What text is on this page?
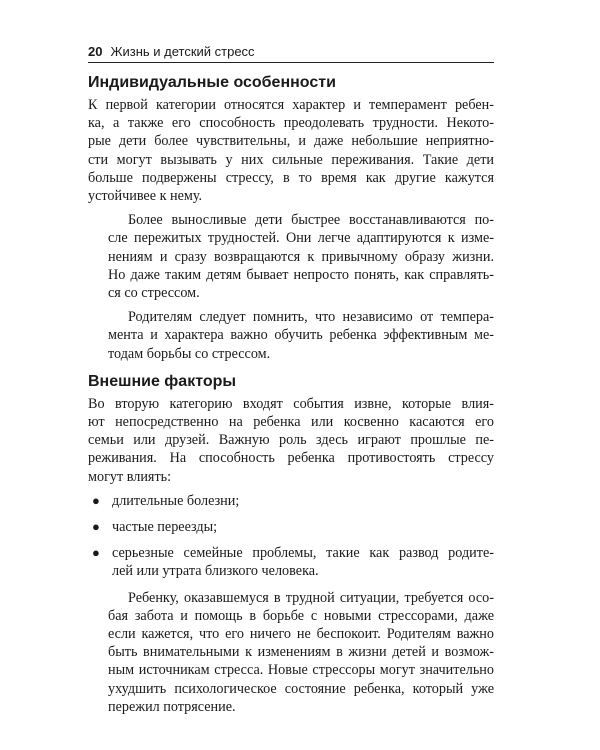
20 Жизнь и детский стресс
Индивидуальные особенности
К первой категории относятся характер и темперамент ребен-
ка, а также его способность преодолевать трудности. Некото-
рые дети более чувствительны, и даже небольшие неприятно-
сти могут вызывать у них сильные переживания. Такие дети
больше подвержены стрессу, в то время как другие кажутся
устойчивее к нему.
Более выносливые дети быстрее восстанавливаются по-
сле пережитых трудностей. Они легче адаптируются к изме-
нениям и сразу возвращаются к привычному образу жизни.
Но даже таким детям бывает непросто понять, как справлять-
ся со стрессом.
Родителям следует помнить, что независимо от темпера-
мента и характера важно обучить ребенка эффективным ме-
тодам борьбы со стрессом.
Внешние факторы
Во вторую категорию входят события извне, которые влия-
ют непосредственно на ребенка или косвенно касаются его
семьи или друзей. Важную роль здесь играют прошлые пе-
реживания. На способность ребенка противостоять стрессу
могут влиять:
● длительные болезни;
● частые переезды;
● серьезные семейные проблемы, такие как развод родите-
лей или утрата близкого человека.
Ребенку, оказавшемуся в трудной ситуации, требуется осо-
бая забота и помощь в борьбе с новыми стрессорами, даже
если кажется, что его ничего не беспокоит. Родителям важно
быть внимательными к изменениям в жизни детей и возмож-
ным источникам стресса. Новые стрессоры могут значительно
ухудшить психологическое состояние ребенка, который уже
пережил потрясение.
